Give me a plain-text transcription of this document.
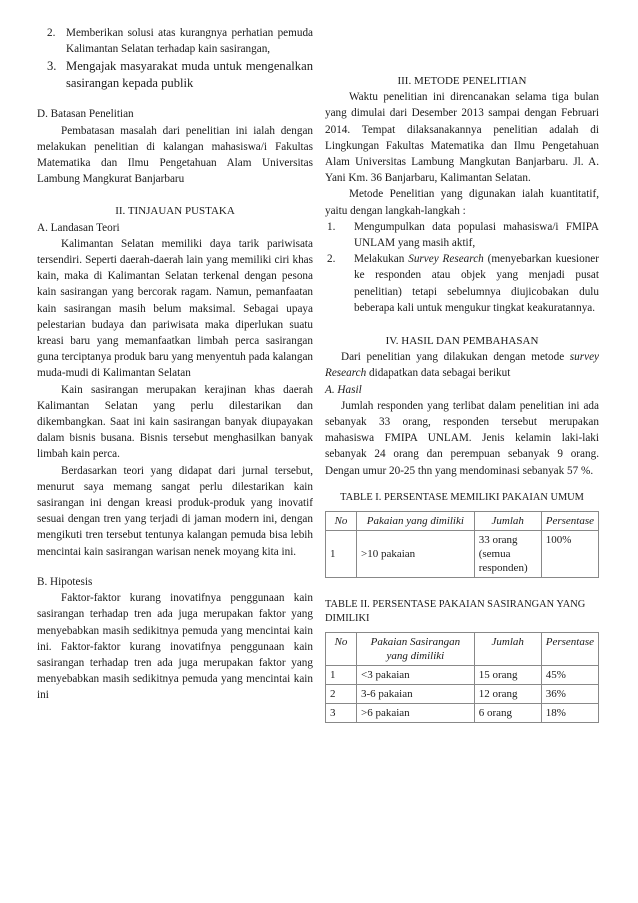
2. Memberikan solusi atas kurangnya perhatian pemuda Kalimantan Selatan terhadap kain sasirangan,
3. Mengajak masyarakat muda untuk mengenalkan sasirangan kepada publik

D. Batasan Penelitian

Pembatasan masalah dari penelitian ini ialah dengan melakukan penelitian di kalangan mahasiswa/i Fakultas Matematika dan Ilmu Pengetahuan Alam Universitas Lambung Mangkurat Banjarbaru

II. TINJAUAN PUSTAKA

A. Landasan Teori

Kalimantan Selatan memiliki daya tarik pariwisata tersendiri. Seperti daerah-daerah lain yang memiliki ciri khas kain, maka di Kalimantan Selatan terkenal dengan pesona kain sasirangan yang bercorak ragam. Namun, pemanfaatan kain sasirangan masih belum maksimal. Sebagai upaya pelestarian budaya dan pariwisata maka diperlukan suatu kreasi baru yang memanfaatkan limbah perca sasirangan guna terciptanya produk baru yang menyentuh pada kalangan muda-mudi di Kalimantan Selatan

Kain sasirangan merupakan kerajinan khas daerah Kalimantan Selatan yang perlu dilestarikan dan dikembangkan. Saat ini kain sasirangan banyak diupayakan dalam bisnis busana. Bisnis tersebut menghasilkan banyak limbah kain perca.

Berdasarkan teori yang didapat dari jurnal tersebut, menurut saya memang sangat perlu dilestarikan kain sasirangan ini dengan kreasi produk-produk yang inovatif sesuai dengan tren yang terjadi di jaman modern ini, dengan mengikuti tren tersebut tentunya kalangan pemuda bisa lebih mencintai kain sasirangan warisan nenek moyang kita ini.

B. Hipotesis

Faktor-faktor kurang inovatifnya penggunaan kain sasirangan terhadap tren ada juga merupakan faktor yang menyebabkan masih sedikitnya pemuda yang mencintai kain ini. Faktor-faktor kurang inovatifnya penggunaan kain sasirangan terhadap tren ada juga merupakan faktor yang menyebabkan masih sedikitnya pemuda yang mencintai kain ini

III. METODE PENELITIAN

Waktu penelitian ini direncanakan selama tiga bulan yang dimulai dari Desember 2013 sampai dengan Februari 2014. Tempat dilaksanakannya penelitian adalah di Lingkungan Fakultas Matematika dan Ilmu Pengetahuan Alam Universitas Lambung Mangkutan Banjarbaru. Jl. A. Yani Km. 36 Banjarbaru, Kalimantan Selatan.

Metode Penelitian yang digunakan ialah kuantitatif, yaitu dengan langkah-langkah :

1. Mengumpulkan data populasi mahasiswa/i FMIPA UNLAM yang masih aktif,
2. Melakukan Survey Research (menyebarkan kuesioner ke responden atau objek yang menjadi pusat penelitian) tetapi sebelumnya diujicobakan dulu beberapa kali untuk mengukur tingkat keakuratannya.

IV. HASIL DAN PEMBAHASAN

Dari penelitian yang dilakukan dengan metode survey Research didapatkan data sebagai berikut

A. Hasil

Jumlah responden yang terlibat dalam penelitian ini ada sebanyak 33 orang, responden tersebut merupakan mahasiswa FMIPA UNLAM. Jenis kelamin laki-laki sebanyak 24 orang dan perempuan sebanyak 9 orang. Dengan umur 20-25 thn yang mendominasi sebanyak 57 %.

TABLE I. PERSENTASE MEMILIKI PAKAIAN UMUM

No	Pakaian yang dimiliki	Jumlah	Persentase
1	>10 pakaian	33 orang (semua responden)	100%

TABLE II. PERSENTASE PAKAIAN SASIRANGAN YANG DIMILIKI

No	Pakaian Sasirangan yang dimiliki	Jumlah	Persentase
1	<3 pakaian	15 orang	45%
2	3-6 pakaian	12 orang	36%
3	>6 pakaian	6 orang	18%
